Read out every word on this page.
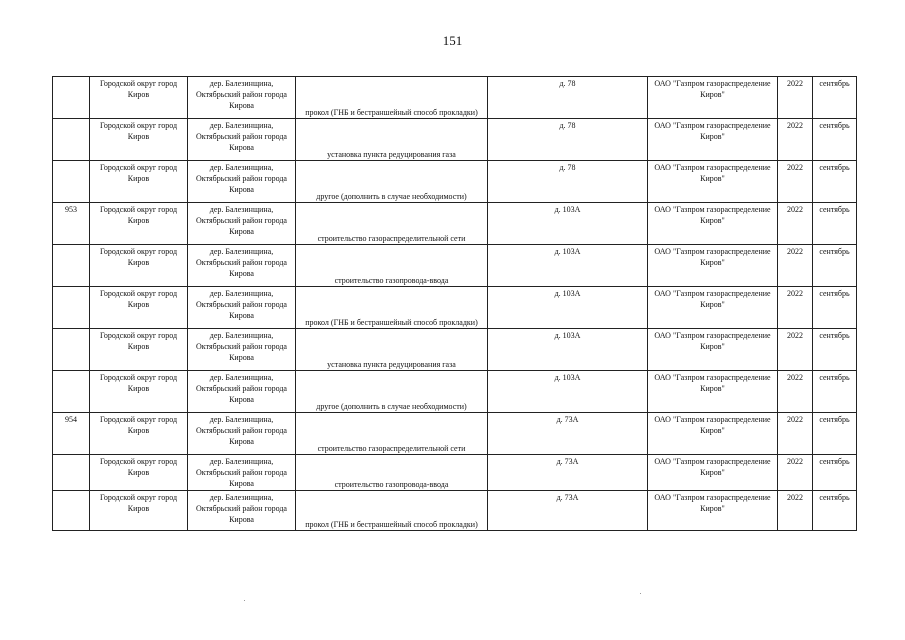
151
	Городской округ город Киров	дер. Балезинщина, Октябрьский район города Кирова	прокол (ГНБ и бестраншейный способ прокладки)	д. 78	ОАО "Газпром газораспределение Киров"	2022	сентябрь
	Городской округ город Киров	дер. Балезинщина, Октябрьский район города Кирова	установка пункта редуцирования газа	д. 78	ОАО "Газпром газораспределение Киров"	2022	сентябрь
	Городской округ город Киров	дер. Балезинщина, Октябрьский район города Кирова	другое (дополнить в случае необходимости)	д. 78	ОАО "Газпром газораспределение Киров"	2022	сентябрь
953	Городской округ город Киров	дер. Балезинщина, Октябрьский район города Кирова	строительство газораспределительной сети	д. 103А	ОАО "Газпром газораспределение Киров"	2022	сентябрь
	Городской округ город Киров	дер. Балезинщина, Октябрьский район города Кирова	строительство газопровода-ввода	д. 103А	ОАО "Газпром газораспределение Киров"	2022	сентябрь
	Городской округ город Киров	дер. Балезинщина, Октябрьский район города Кирова	прокол (ГНБ и бестраншейный способ прокладки)	д. 103А	ОАО "Газпром газораспределение Киров"	2022	сентябрь
	Городской округ город Киров	дер. Балезинщина, Октябрьский район города Кирова	установка пункта редуцирования газа	д. 103А	ОАО "Газпром газораспределение Киров"	2022	сентябрь
	Городской округ город Киров	дер. Балезинщина, Октябрьский район города Кирова	другое (дополнить в случае необходимости)	д. 103А	ОАО "Газпром газораспределение Киров"	2022	сентябрь
954	Городской округ город Киров	дер. Балезинщина, Октябрьский район города Кирова	строительство газораспределительной сети	д. 73А	ОАО "Газпром газораспределение Киров"	2022	сентябрь
	Городской округ город Киров	дер. Балезинщина, Октябрьский район города Кирова	строительство газопровода-ввода	д. 73А	ОАО "Газпром газораспределение Киров"	2022	сентябрь
	Городской округ город Киров	дер. Балезинщина, Октябрьский район города Кирова	прокол (ГНБ и бестраншейный способ прокладки)	д. 73А	ОАО "Газпром газораспределение Киров"	2022	сентябрь
